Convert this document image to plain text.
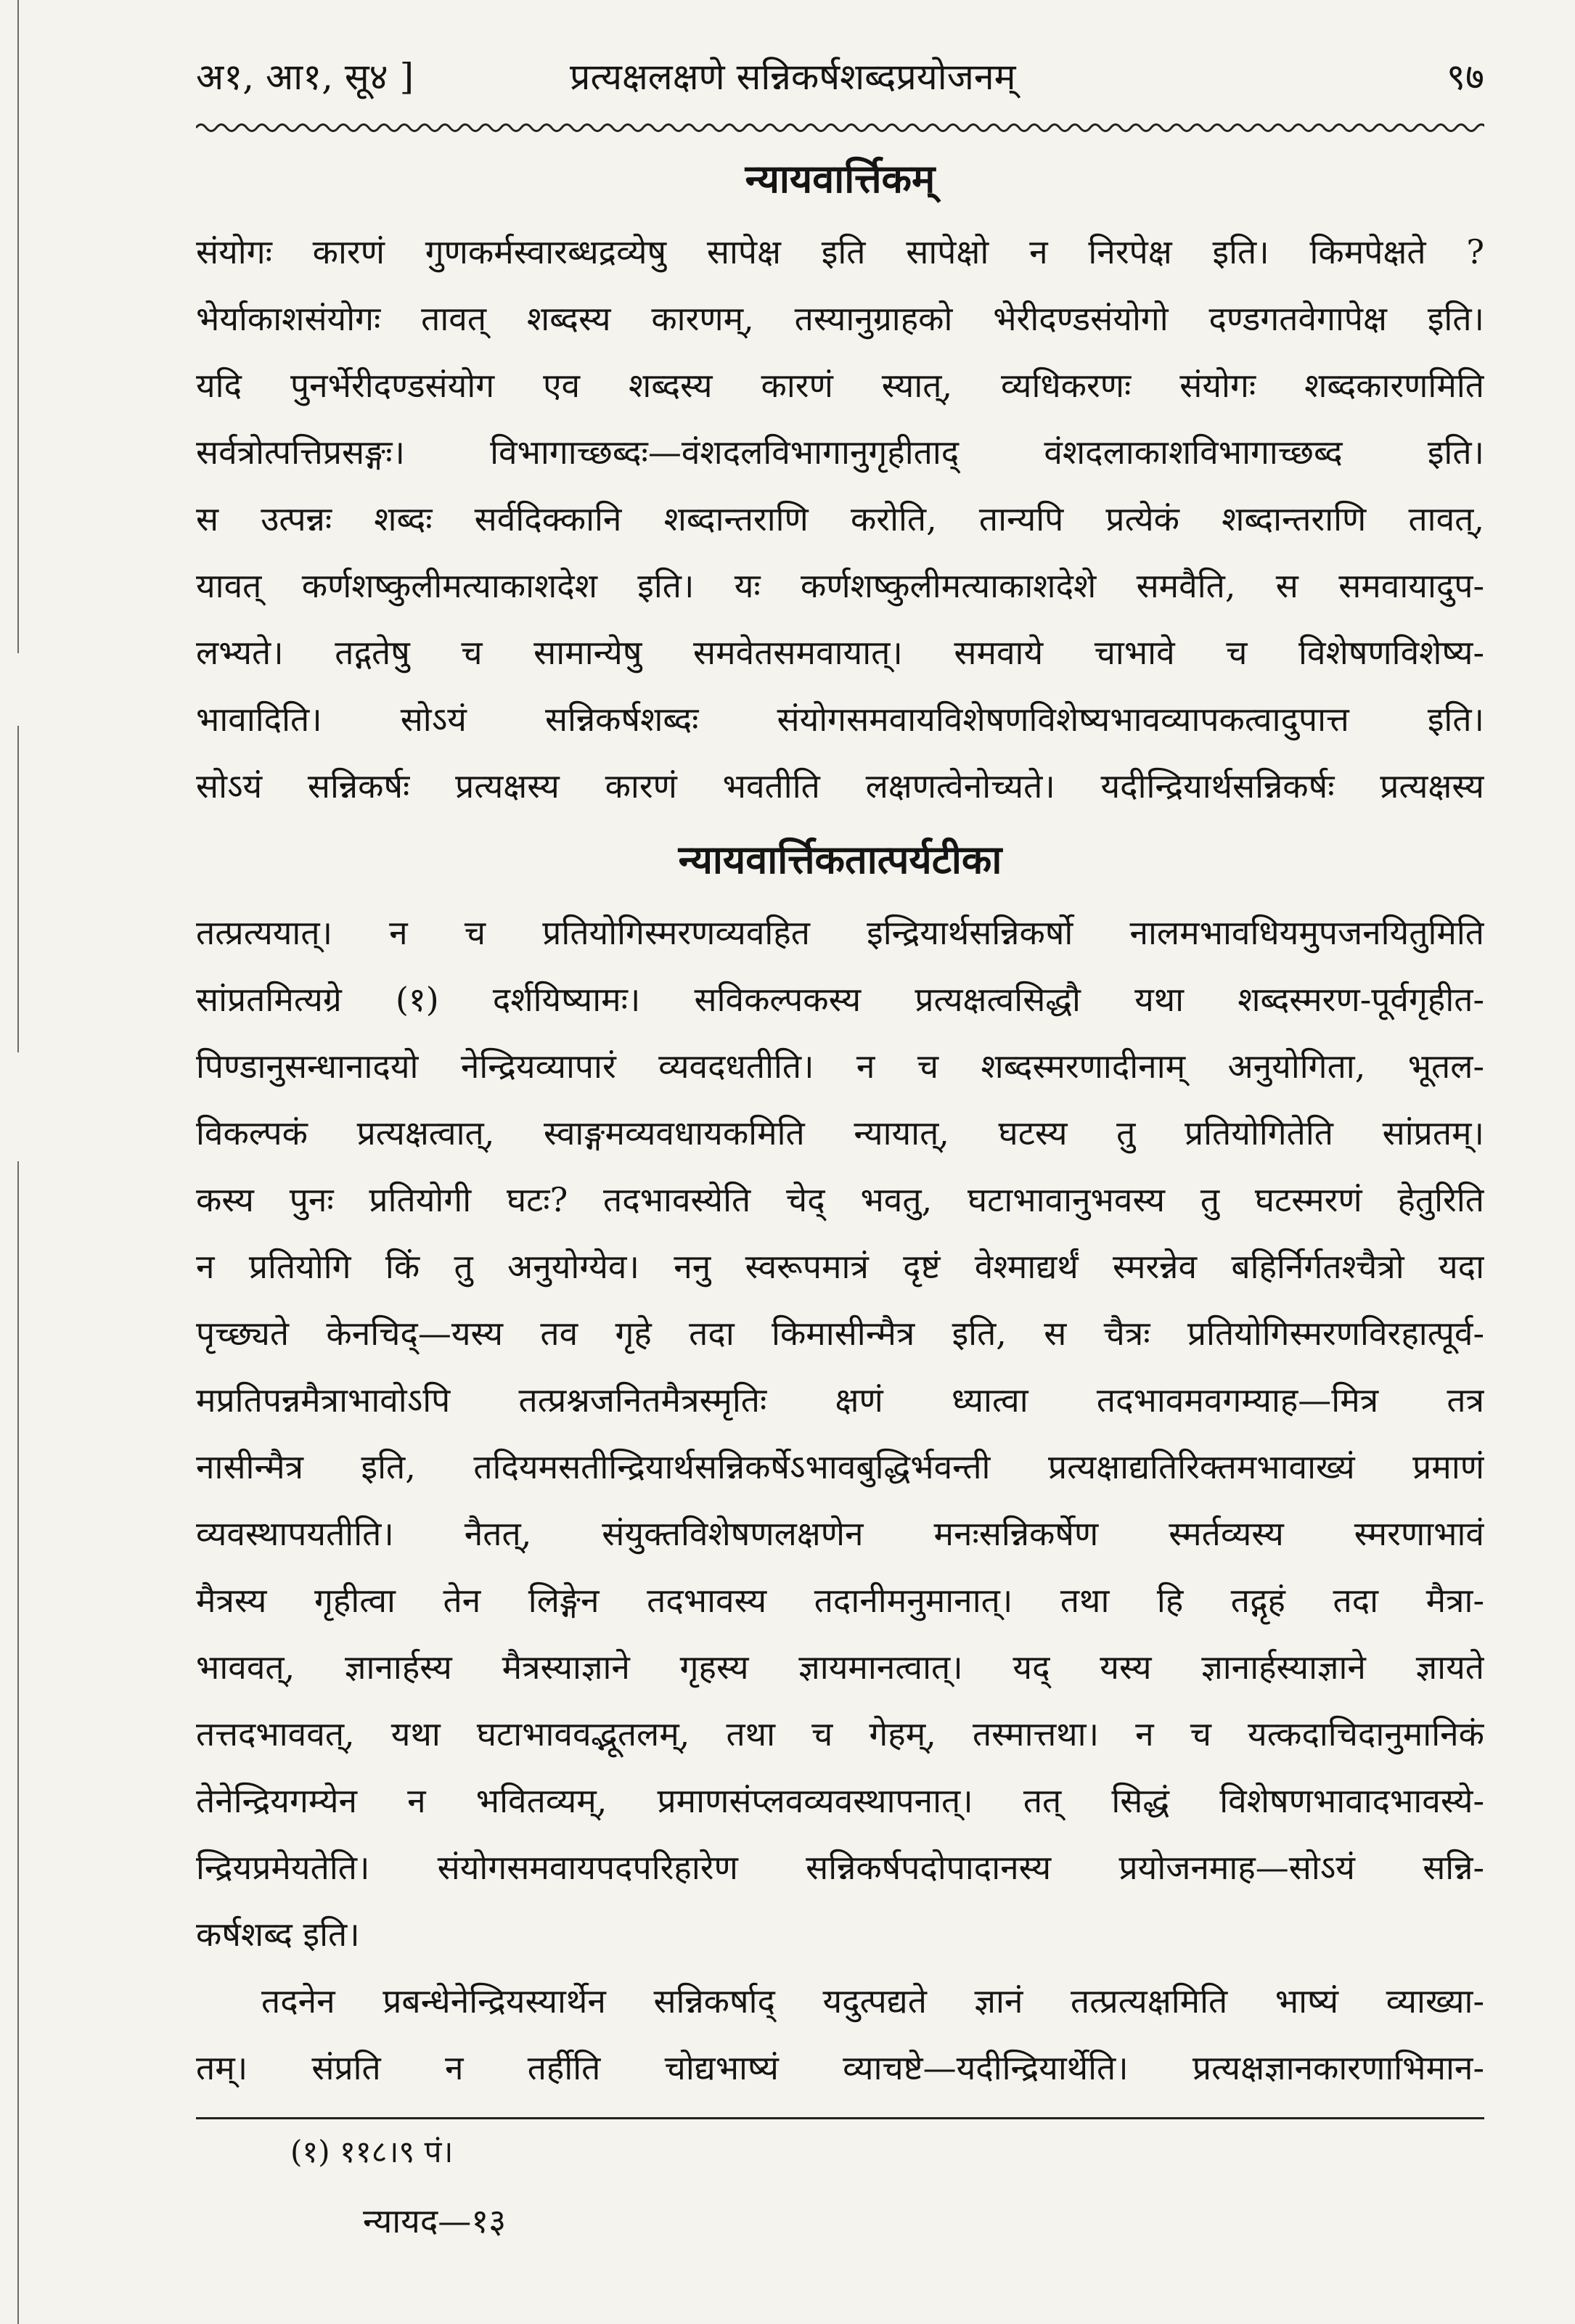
अ१, आ१, सू४ ]	प्रत्यक्षलक्षणे सन्निकर्षशब्दप्रयोजनम्	९७
न्यायवार्त्तिकम्
संयोगः कारणं गुणकर्मस्वारब्धद्रव्येषु सापेक्ष इति सापेक्षो न निरपेक्ष इति। किमपेक्षते ?
भेर्याकाशसंयोगः तावत् शब्दस्य कारणम्, तस्यानुग्राहको भेरीदण्डसंयोगो दण्डगतवेगापेक्ष इति।
यदि पुनर्भेरीदण्डसंयोग एव शब्दस्य कारणं स्यात्, व्यधिकरणः संयोगः शब्दकारणमिति
सर्वत्रोत्पत्तिप्रसङ्गः। विभागाच्छब्दः—वंशदलविभागानुगृहीताद् वंशदलाकाशविभागाच्छब्द इति।
स उत्पन्नः शब्दः सर्वदिक्कानि शब्दान्तराणि करोति, तान्यपि प्रत्येकं शब्दान्तराणि तावत्,
यावत् कर्णशष्कुलीमत्याकाशदेश इति। यः कर्णशष्कुलीमत्याकाशदेशे समवैति, स समवायादुप-
लभ्यते। तद्गतेषु च सामान्येषु समवेतसमवायात्। समवाये चाभावे च विशेषणविशेष्य-
भावादिति। सोऽयं सन्निकर्षशब्दः संयोगसमवायविशेषणविशेष्यभावव्यापकत्वादुपात्त इति।
सोऽयं सन्निकर्षः प्रत्यक्षस्य कारणं भवतीति लक्षणत्वेनोच्यते। यदीन्द्रियार्थसन्निकर्षः प्रत्यक्षस्य
न्यायवार्त्तिकतात्पर्यटीका
तत्प्रत्ययात्। न च प्रतियोगिस्मरणव्यवहित इन्द्रियार्थसन्निकर्षो नालमभावधियमुपजनयितुमिति
सांप्रतमित्यग्रे (१) दर्शयिष्यामः। सविकल्पकस्य प्रत्यक्षत्वसिद्धौ यथा शब्दस्मरण-पूर्वगृहीत-
पिण्डानुसन्धानादयो नेन्द्रियव्यापारं व्यवदधतीति। न च शब्दस्मरणादीनाम् अनुयोगिता, भूतल-
विकल्पकं प्रत्यक्षत्वात्, स्वाङ्गमव्यवधायकमिति न्यायात्, घटस्य तु प्रतियोगितेति सांप्रतम्।
कस्य पुनः प्रतियोगी घटः? तदभावस्येति चेद् भवतु, घटाभावानुभवस्य तु घटस्मरणं हेतुरिति
न प्रतियोगि किं तु अनुयोग्येव। ननु स्वरूपमात्रं दृष्टं वेश्माद्यर्थं स्मरन्नेव बहिर्निर्गतश्चैत्रो यदा
पृच्छ्यते केनचिद्—यस्य तव गृहे तदा किमासीन्मैत्र इति, स चैत्रः प्रतियोगिस्मरणविरहात्पूर्व-
मप्रतिपन्नमैत्राभावोऽपि तत्प्रश्नजनितमैत्रस्मृतिः क्षणं ध्यात्वा तदभावमवगम्याह—मित्र तत्र
नासीन्मैत्र इति, तदियमसतीन्द्रियार्थसन्निकर्षेऽभावबुद्धिर्भवन्ती प्रत्यक्षाद्यतिरिक्तमभावाख्यं प्रमाणं
व्यवस्थापयतीति। नैतत्, संयुक्तविशेषणलक्षणेन मनःसन्निकर्षेण स्मर्तव्यस्य स्मरणाभावं
मैत्रस्य गृहीत्वा तेन लिङ्गेन तदभावस्य तदानीमनुमानात्। तथा हि तद्गृहं तदा मैत्रा-
भाववत्, ज्ञानार्हस्य मैत्रस्याज्ञाने गृहस्य ज्ञायमानत्वात्। यद् यस्य ज्ञानार्हस्याज्ञाने ज्ञायते
तत्तदभाववत्, यथा घटाभाववद्भूतलम्, तथा च गेहम्, तस्मात्तथा। न च यत्कदाचिदानुमानिकं
तेनेन्द्रियगम्येन न भवितव्यम्, प्रमाणसंप्लवव्यवस्थापनात्। तत् सिद्धं विशेषणभावादभावस्ये-
न्द्रियप्रमेयतेति। संयोगसमवायपदपरिहारेण सन्निकर्षपदोपादानस्य प्रयोजनमाह—सोऽयं सन्नि-
कर्षशब्द इति।
तदनेन प्रबन्धेनेन्द्रियस्यार्थेन सन्निकर्षाद् यदुत्पद्यते ज्ञानं तत्प्रत्यक्षमिति भाष्यं व्याख्या-
तम्। संप्रति न तर्हीति चोद्यभाष्यं व्याचष्टे—यदीन्द्रियार्थेति। प्रत्यक्षज्ञानकारणाभिमान-
(१) ११८।९ पं।
न्यायद—१३
